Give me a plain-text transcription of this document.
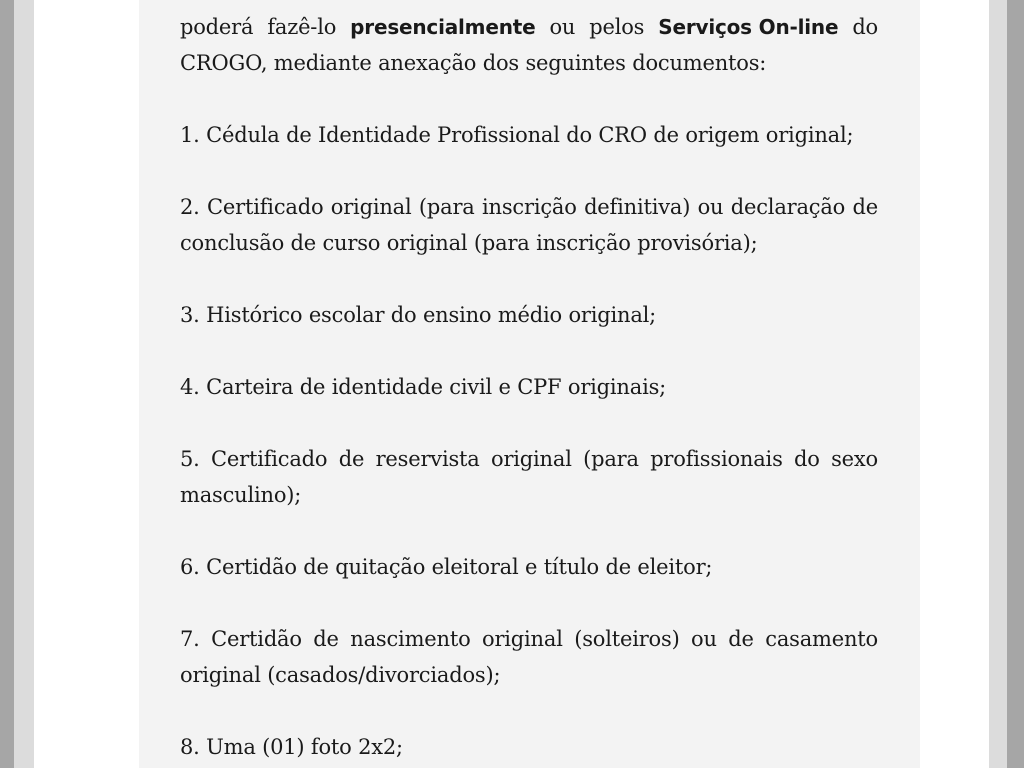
poderá fazê-lo presencialmente ou pelos Serviços On-line do
CROGO, mediante anexação dos seguintes documentos:

1. Cédula de Identidade Profissional do CRO de origem original;

2. Certificado original (para inscrição definitiva) ou declaração de conclusão de curso original (para inscrição provisória);

3. Histórico escolar do ensino médio original;

4. Carteira de identidade civil e CPF originais;

5. Certificado de reservista original (para profissionais do sexo masculino);

6. Certidão de quitação eleitoral e título de eleitor;

7. Certidão de nascimento original (solteiros) ou de casamento original (casados/divorciados);

8. Uma (01) foto 2x2;
